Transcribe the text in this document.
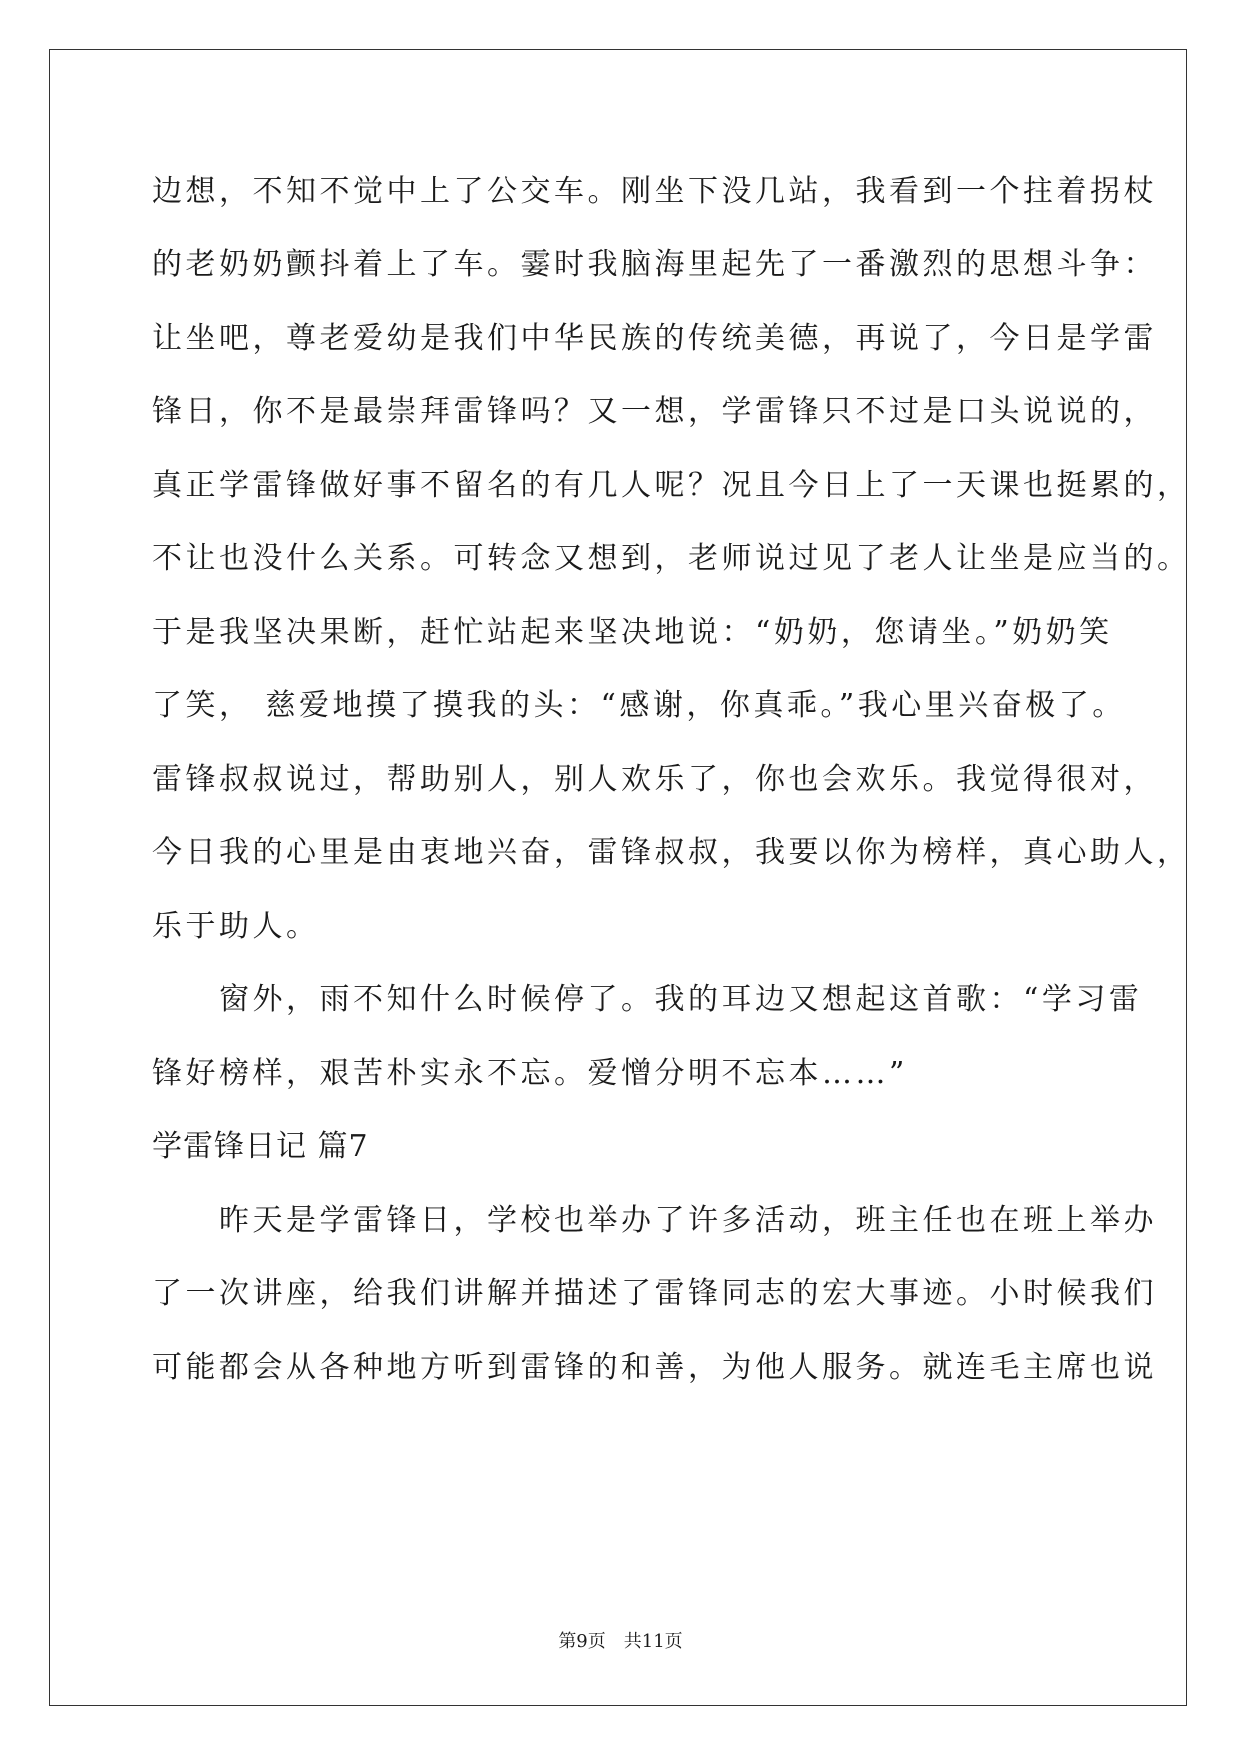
边想，不知不觉中上了公交车。刚坐下没几站，我看到一个拄着拐杖
的老奶奶颤抖着上了车。霎时我脑海里起先了一番激烈的思想斗争：
让坐吧，尊老爱幼是我们中华民族的传统美德，再说了，今日是学雷
锋日，你不是最崇拜雷锋吗？又一想，学雷锋只不过是口头说说的，
真正学雷锋做好事不留名的有几人呢？况且今日上了一天课也挺累的，
不让也没什么关系。可转念又想到，老师说过见了老人让坐是应当的。
于是我坚决果断，赶忙站起来坚决地说：“奶奶，您请坐。”奶奶笑
了笑， 慈爱地摸了摸我的头：“感谢，你真乖。”我心里兴奋极了。
雷锋叔叔说过，帮助别人，别人欢乐了，你也会欢乐。我觉得很对，
今日我的心里是由衷地兴奋，雷锋叔叔，我要以你为榜样，真心助人，
乐于助人。
　　窗外，雨不知什么时候停了。我的耳边又想起这首歌：“学习雷
锋好榜样，艰苦朴实永不忘。爱憎分明不忘本……”
学雷锋日记 篇7
　　昨天是学雷锋日，学校也举办了许多活动，班主任也在班上举办
了一次讲座，给我们讲解并描述了雷锋同志的宏大事迹。小时候我们
可能都会从各种地方听到雷锋的和善，为他人服务。就连毛主席也说
第9页　共11页
